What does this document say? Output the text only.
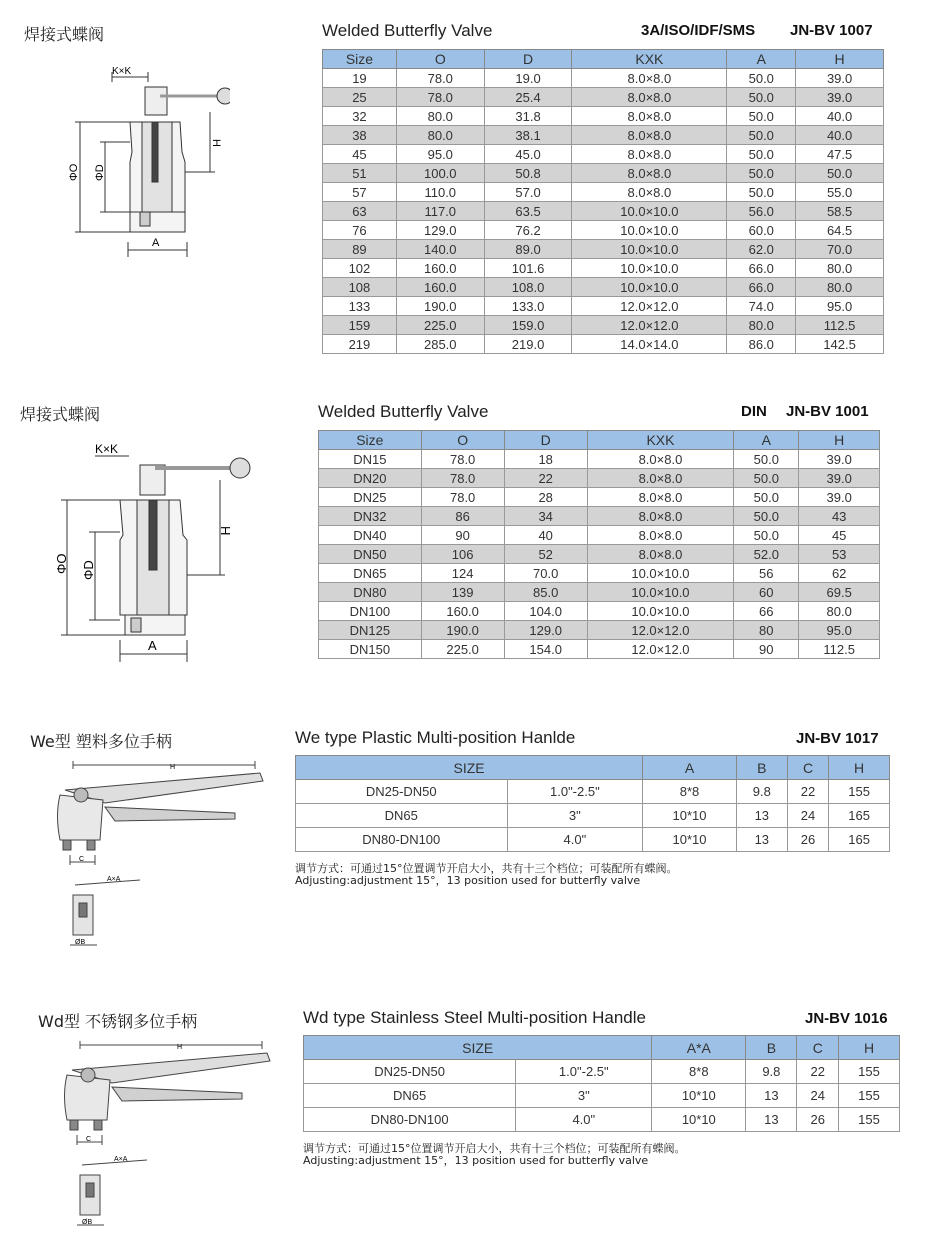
焊接式蝶阀	Welded Butterfly Valve	3A/ISO/IDF/SMS JN-BV 1007
K×K
ΦO ΦD
H
A
Size	O	D	KXK	A	H
19	78.0	19.0	8.0×8.0	50.0	39.0
25	78.0	25.4	8.0×8.0	50.0	39.0
32	80.0	31.8	8.0×8.0	50.0	40.0
38	80.0	38.1	8.0×8.0	50.0	40.0
45	95.0	45.0	8.0×8.0	50.0	47.5
51	100.0	50.8	8.0×8.0	50.0	50.0
57	110.0	57.0	8.0×8.0	50.0	55.0
63	117.0	63.5	10.0×10.0	56.0	58.5
76	129.0	76.2	10.0×10.0	60.0	64.5
89	140.0	89.0	10.0×10.0	62.0	70.0
102	160.0	101.6	10.0×10.0	66.0	80.0
108	160.0	108.0	10.0×10.0	66.0	80.0
133	190.0	133.0	12.0×12.0	74.0	95.0
159	225.0	159.0	12.0×12.0	80.0	112.5
219	285.0	219.0	14.0×14.0	86.0	142.5
焊接式蝶阀	Welded Butterfly Valve	DIN JN-BV 1001
K×K
ΦO ΦD
H
A
Size	O	D	KXK	A	H
DN15	78.0	18	8.0×8.0	50.0	39.0
DN20	78.0	22	8.0×8.0	50.0	39.0
DN25	78.0	28	8.0×8.0	50.0	39.0
DN32	86	34	8.0×8.0	50.0	43
DN40	90	40	8.0×8.0	50.0	45
DN50	106	52	8.0×8.0	52.0	53
DN65	124	70.0	10.0×10.0	56	62
DN80	139	85.0	10.0×10.0	60	69.5
DN100	160.0	104.0	10.0×10.0	66	80.0
DN125	190.0	129.0	12.0×12.0	80	95.0
DN150	225.0	154.0	12.0×12.0	90	112.5
We型 塑料多位手柄	We type Plastic Multi-position Hanlde	JN-BV 1017
H
C
A×A
ØB
SIZE		A	B	C	H
DN25-DN50	1.0"-2.5"	8*8	9.8	22	155
DN65	3"	10*10	13	24	165
DN80-DN100	4.0"	10*10	13	26	165
调节方式：可通过15°位置调节开启大小，共有十三个档位；可装配所有蝶阀。
Adjusting:adjustment 15°，13 position used for butterfly valve
Wd型 不锈钢多位手柄	Wd type Stainless Steel Multi-position Handle	JN-BV 1016
H
C
A×A
ØB
SIZE		A*A	B	C	H
DN25-DN50	1.0"-2.5"	8*8	9.8	22	155
DN65	3"	10*10	13	24	155
DN80-DN100	4.0"	10*10	13	26	155
调节方式：可通过15°位置调节开启大小，共有十三个档位；可装配所有蝶阀。
Adjusting:adjustment 15°，13 position used for butterfly valve
